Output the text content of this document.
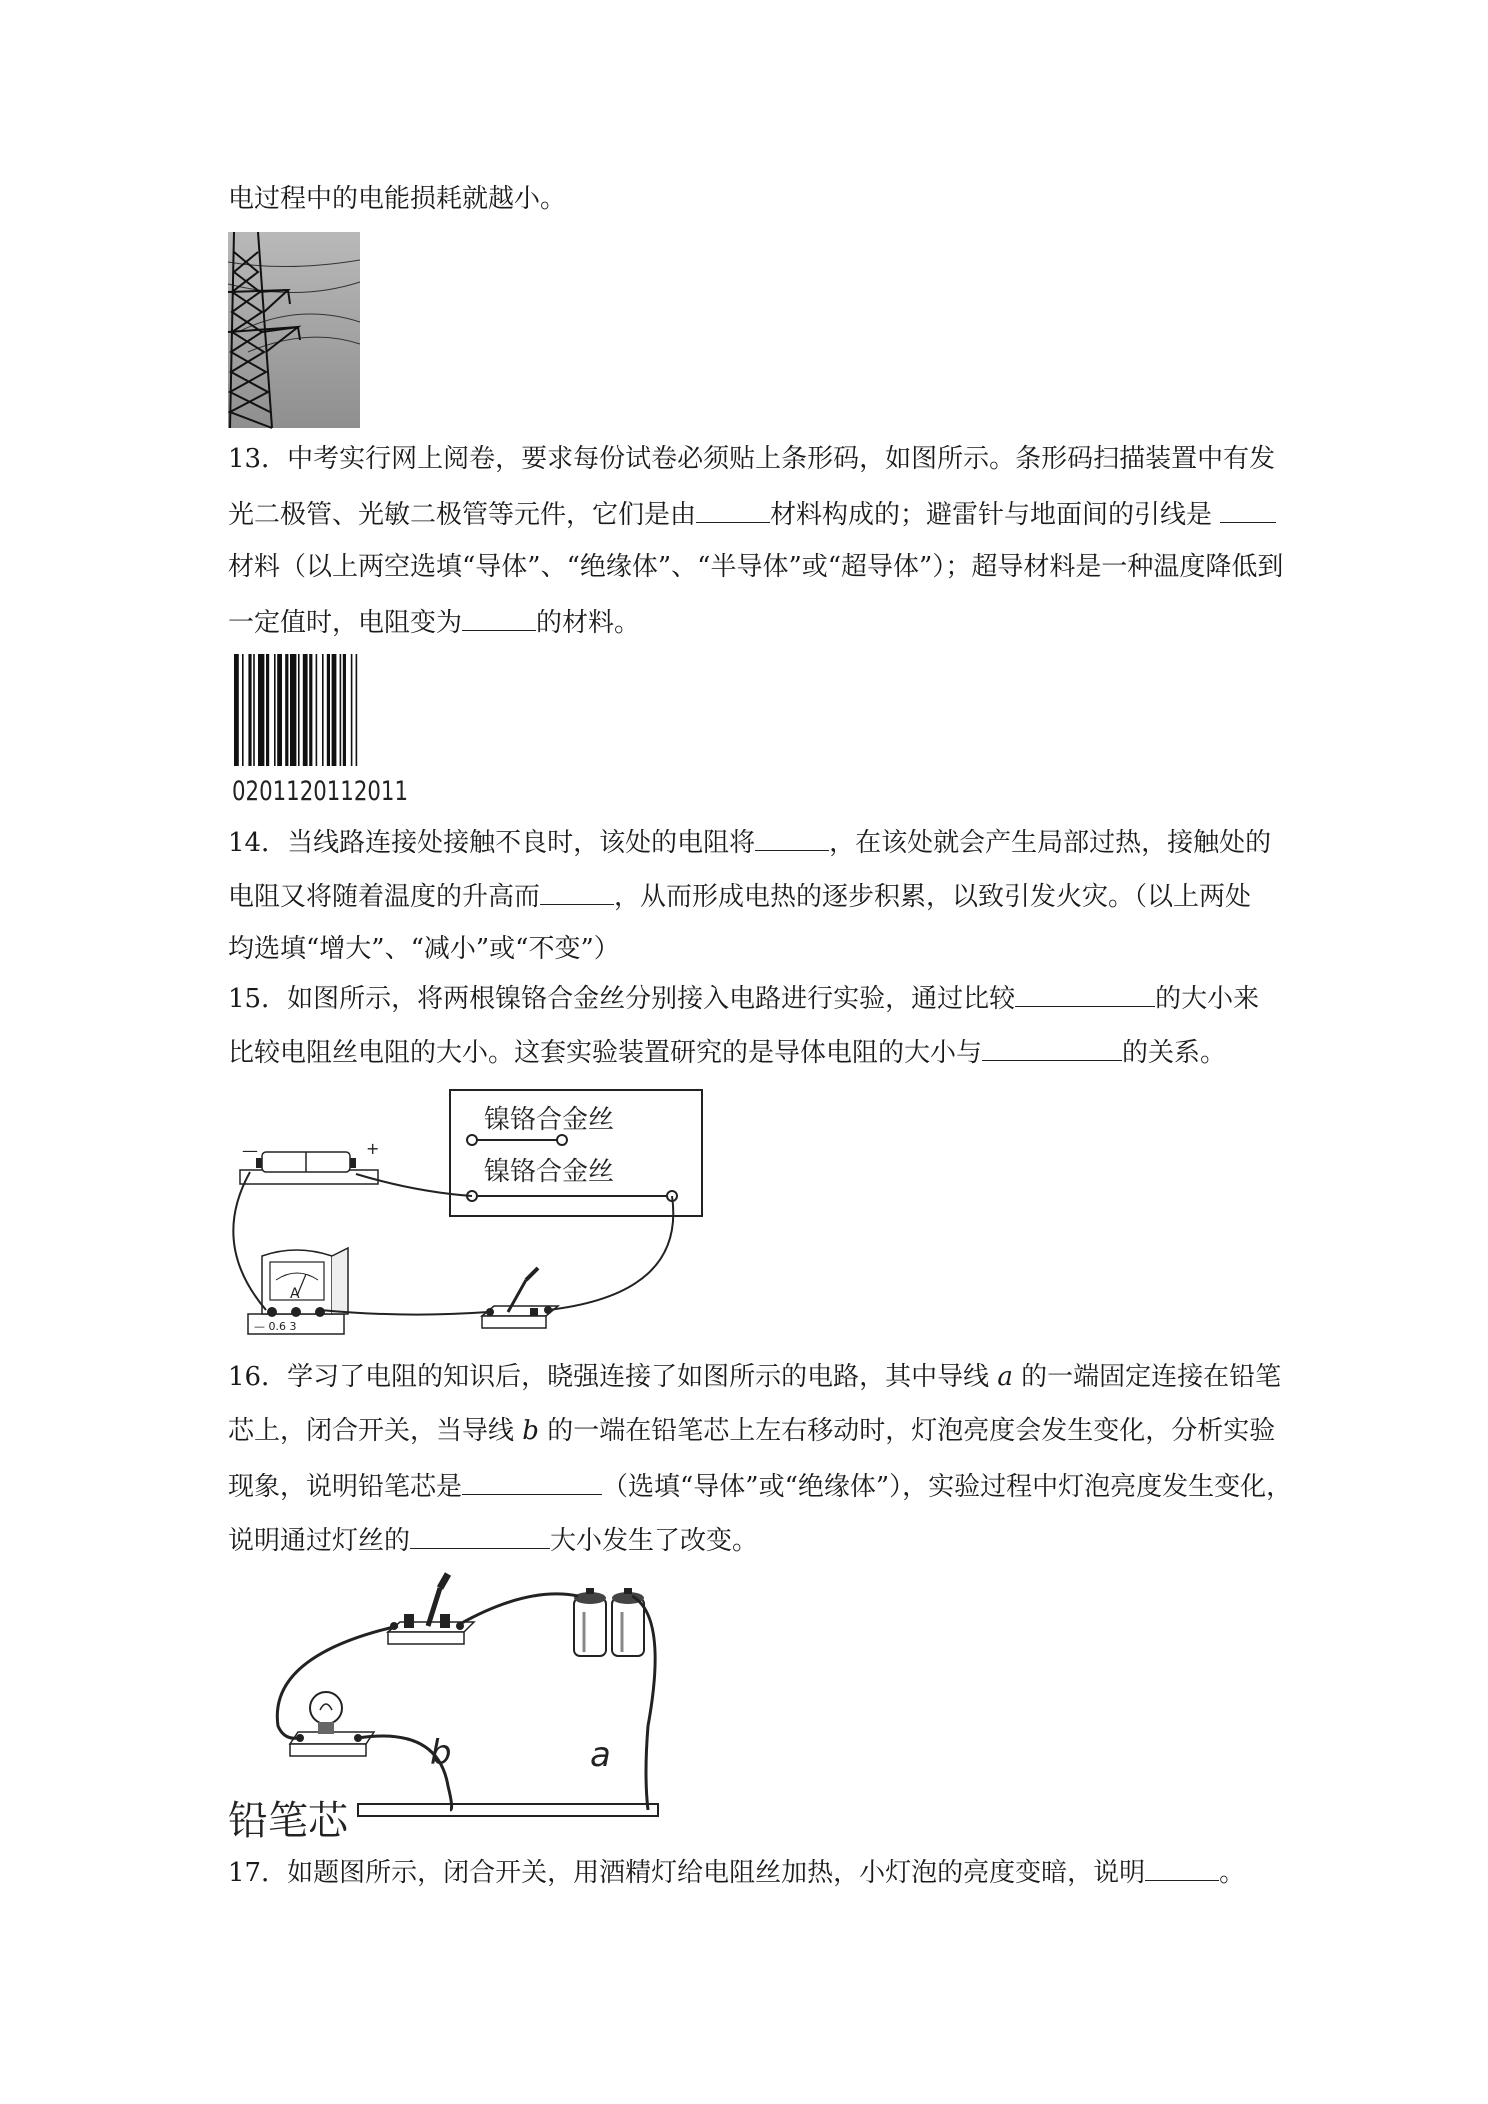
电过程中的电能损耗就越小。
13．中考实行网上阅卷，要求每份试卷必须贴上条形码，如图所示。条形码扫描装置中有发
光二极管、光敏二极管等元件，它们是由	材料构成的；避雷针与地面间的引线是
材料（以上两空选填“导体”、“绝缘体”、“半导体”或“超导体”）；超导材料是一种温度降低到
一定值时，电阻变为	的材料。
0201120112011
14．当线路连接处接触不良时，该处的电阻将	，在该处就会产生局部过热，接触处的
电阻又将随着温度的升高而	，从而形成电热的逐步积累，以致引发火灾。（以上两处
均选填“增大”、“减小”或“不变”）
15．如图所示，将两根镍铬合金丝分别接入电路进行实验，通过比较	的大小来
比较电阻丝电阻的大小。这套实验装置研究的是导体电阻的大小与	的关系。
镍铬合金丝
镍铬合金丝
—	+
A
— 0.6 3
16．学习了电阻的知识后，晓强连接了如图所示的电路，其中导线 a 的一端固定连接在铅笔
芯上，闭合开关，当导线 b 的一端在铅笔芯上左右移动时，灯泡亮度会发生变化，分析实验
现象，说明铅笔芯是	（选填“导体”或“绝缘体”），实验过程中灯泡亮度发生变化，
说明通过灯丝的	大小发生了改变。
b	a
铅笔芯
17．如题图所示，闭合开关，用酒精灯给电阻丝加热，小灯泡的亮度变暗，说明	。
